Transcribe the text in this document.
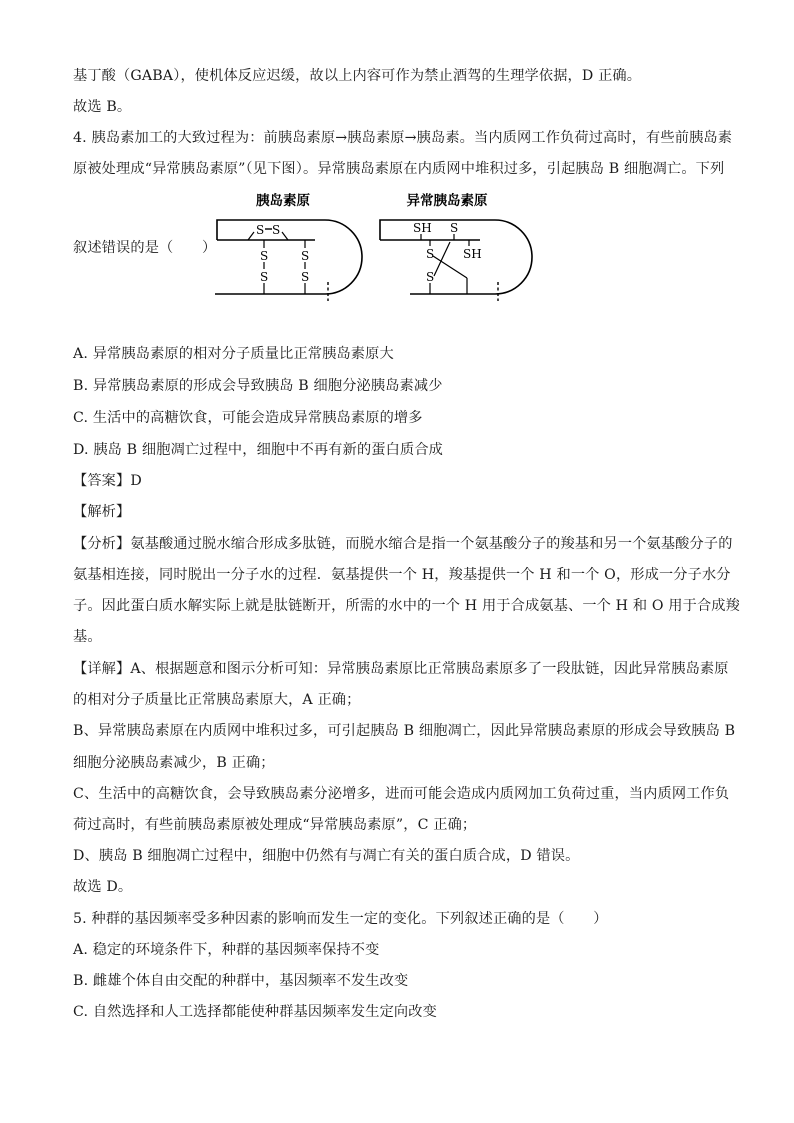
基丁酸（GABA），使机体反应迟缓，故以上内容可作为禁止酒驾的生理学依据，D 正确。
故选 B。
4. 胰岛素加工的大致过程为：前胰岛素原→胰岛素原→胰岛素。当内质网工作负荷过高时，有些前胰岛素
原被处理成“异常胰岛素原”（见下图）。异常胰岛素原在内质网中堆积过多，引起胰岛 B 细胞凋亡。下列
叙述错误的是（　　）
胰岛素原
S S
S
S
S
S
异常胰岛素原
SH S
S SH
S
A. 异常胰岛素原的相对分子质量比正常胰岛素原大
B. 异常胰岛素原的形成会导致胰岛 B 细胞分泌胰岛素减少
C. 生活中的高糖饮食，可能会造成异常胰岛素原的增多
D. 胰岛 B 细胞凋亡过程中，细胞中不再有新的蛋白质合成
【答案】D
【解析】
【分析】氨基酸通过脱水缩合形成多肽链，而脱水缩合是指一个氨基酸分子的羧基和另一个氨基酸分子的
氨基相连接，同时脱出一分子水的过程．氨基提供一个 H，羧基提供一个 H 和一个 O，形成一分子水分
子。因此蛋白质水解实际上就是肽链断开，所需的水中的一个 H 用于合成氨基、一个 H 和 O 用于合成羧
基。
【详解】A、根据题意和图示分析可知：异常胰岛素原比正常胰岛素原多了一段肽链，因此异常胰岛素原
的相对分子质量比正常胰岛素原大，A 正确；
B、异常胰岛素原在内质网中堆积过多，可引起胰岛 B 细胞凋亡，因此异常胰岛素原的形成会导致胰岛 B
细胞分泌胰岛素减少，B 正确；
C、生活中的高糖饮食，会导致胰岛素分泌增多，进而可能会造成内质网加工负荷过重，当内质网工作负
荷过高时，有些前胰岛素原被处理成“异常胰岛素原”，C 正确；
D、胰岛 B 细胞凋亡过程中，细胞中仍然有与凋亡有关的蛋白质合成，D 错误。
故选 D。
5. 种群的基因频率受多种因素的影响而发生一定的变化。下列叙述正确的是（　　）
A. 稳定的环境条件下，种群的基因频率保持不变
B. 雌雄个体自由交配的种群中，基因频率不发生改变
C. 自然选择和人工选择都能使种群基因频率发生定向改变
